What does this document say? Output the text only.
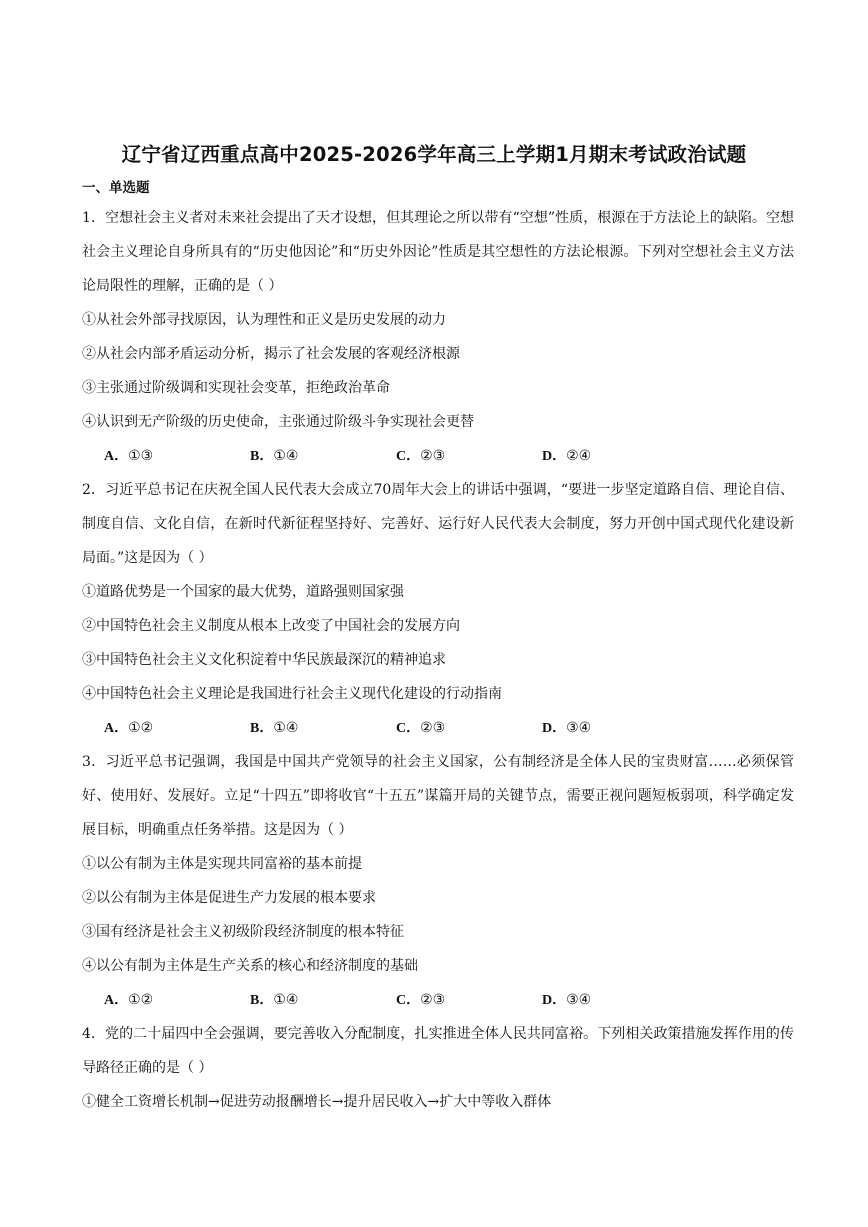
辽宁省辽西重点高中2025-2026学年高三上学期1月期末考试政治试题
一、单选题

1．空想社会主义者对未来社会提出了天才设想，但其理论之所以带有“空想”性质，根源在于方法论上的缺陷。空想社会主义理论自身所具有的“历史他因论”和“历史外因论”性质是其空想性的方法论根源。下列对空想社会主义方法论局限性的理解，正确的是（ ）

①从社会外部寻找原因，认为理性和正义是历史发展的动力

②从社会内部矛盾运动分析，揭示了社会发展的客观经济根源

③主张通过阶级调和实现社会变革，拒绝政治革命

④认识到无产阶级的历史使命，主张通过阶级斗争实现社会更替

A．①③	B．①④	C．②③	D．②④

2．习近平总书记在庆祝全国人民代表大会成立70周年大会上的讲话中强调，“要进一步坚定道路自信、理论自信、制度自信、文化自信，在新时代新征程坚持好、完善好、运行好人民代表大会制度，努力开创中国式现代化建设新局面。”这是因为（ ）

①道路优势是一个国家的最大优势，道路强则国家强

②中国特色社会主义制度从根本上改变了中国社会的发展方向

③中国特色社会主义文化积淀着中华民族最深沉的精神追求

④中国特色社会主义理论是我国进行社会主义现代化建设的行动指南

A．①②	B．①④	C．②③	D．③④

3．习近平总书记强调，我国是中国共产党领导的社会主义国家，公有制经济是全体人民的宝贵财富……必须保管好、使用好、发展好。立足“十四五”即将收官“十五五”谋篇开局的关键节点，需要正视问题短板弱项，科学确定发展目标，明确重点任务举措。这是因为（ ）

①以公有制为主体是实现共同富裕的基本前提

②以公有制为主体是促进生产力发展的根本要求

③国有经济是社会主义初级阶段经济制度的根本特征

④以公有制为主体是生产关系的核心和经济制度的基础

A．①②	B．①④	C．②③	D．③④

4．党的二十届四中全会强调，要完善收入分配制度，扎实推进全体人民共同富裕。下列相关政策措施发挥作用的传导路径正确的是（ ）

①健全工资增长机制→促进劳动报酬增长→提升居民收入→扩大中等收入群体
